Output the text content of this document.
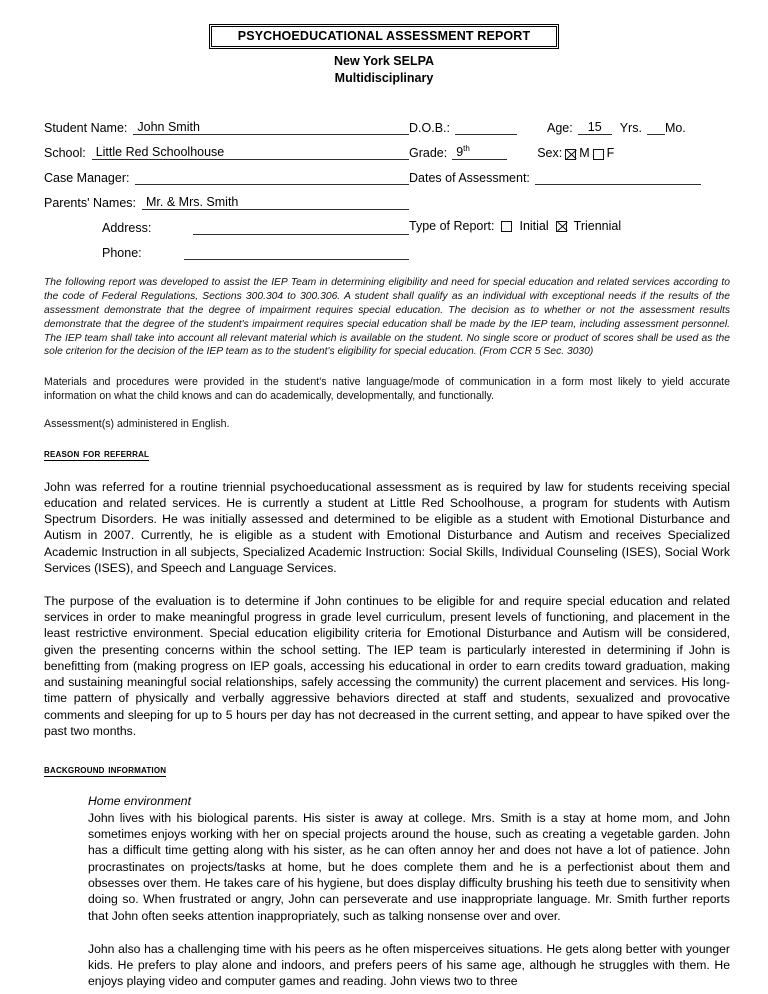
PSYCHOEDUCATIONAL ASSESSMENT REPORT
New York SELPA
Multidisciplinary
Student Name: John Smith	D.O.B.:	Age:	15	Yrs. Mo.
School: Little Red Schoolhouse	Grade: 9th	Sex: M F
Case Manager:	Dates of Assessment:
Parents' Names: Mr. & Mrs. Smith
Address:	Type of Report: Initial Triennial
Phone:

The following report was developed to assist the IEP Team in determining eligibility and need for special education and related services according to the code of Federal Regulations, Sections 300.304 to 300.306. A student shall qualify as an individual with exceptional needs if the results of the assessment demonstrate that the degree of impairment requires special education. The decision as to whether or not the assessment results demonstrate that the degree of the student's impairment requires special education shall be made by the IEP team, including assessment personnel. The IEP team shall take into account all relevant material which is available on the student. No single score or product of scores shall be used as the sole criterion for the decision of the IEP team as to the student's eligibility for special education. (From CCR 5 Sec. 3030)

Materials and procedures were provided in the student's native language/mode of communication in a form most likely to yield accurate information on what the child knows and can do academically, developmentally, and functionally.

Assessment(s) administered in English.

reason for referral

John was referred for a routine triennial psychoeducational assessment as is required by law for students receiving special education and related services. He is currently a student at Little Red Schoolhouse, a program for students with Autism Spectrum Disorders. He was initially assessed and determined to be eligible as a student with Emotional Disturbance and Autism in 2007. Currently, he is eligible as a student with Emotional Disturbance and Autism and receives Specialized Academic Instruction in all subjects, Specialized Academic Instruction: Social Skills, Individual Counseling (ISES), Social Work Services (ISES), and Speech and Language Services.

The purpose of the evaluation is to determine if John continues to be eligible for and require special education and related services in order to make meaningful progress in grade level curriculum, present levels of functioning, and placement in the least restrictive environment. Special education eligibility criteria for Emotional Disturbance and Autism will be considered, given the presenting concerns within the school setting. The IEP team is particularly interested in determining if John is benefitting from (making progress on IEP goals, accessing his educational in order to earn credits toward graduation, making and sustaining meaningful social relationships, safely accessing the community) the current placement and services. His long-time pattern of physically and verbally aggressive behaviors directed at staff and students, sexualized and provocative comments and sleeping for up to 5 hours per day has not decreased in the current setting, and appear to have spiked over the past two months.

background information
Home environment

John lives with his biological parents. His sister is away at college. Mrs. Smith is a stay at home mom, and John sometimes enjoys working with her on special projects around the house, such as creating a vegetable garden. John has a difficult time getting along with his sister, as he can often annoy her and does not have a lot of patience. John procrastinates on projects/tasks at home, but he does complete them and he is a perfectionist about them and obsesses over them. He takes care of his hygiene, but does display difficulty brushing his teeth due to sensitivity when doing so. When frustrated or angry, John can perseverate and use inappropriate language. Mr. Smith further reports that John often seeks attention inappropriately, such as talking nonsense over and over.

John also has a challenging time with his peers as he often misperceives situations. He gets along better with younger kids. He prefers to play alone and indoors, and prefers peers of his same age, although he struggles with them. He enjoys playing video and computer games and reading. John views two to three
